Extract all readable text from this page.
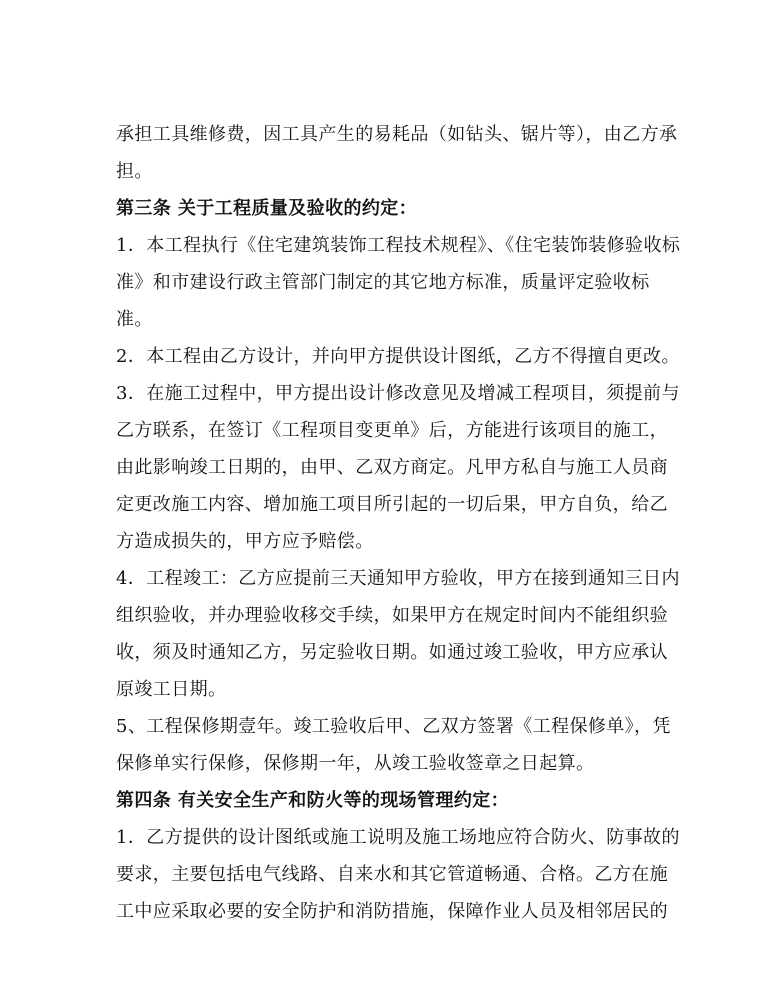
承担工具维修费，因工具产生的易耗品（如钻头、锯片等），由乙方承
担。
第三条 关于工程质量及验收的约定：
1．本工程执行《住宅建筑装饰工程技术规程》、《住宅装饰装修验收标
准》和市建设行政主管部门制定的其它地方标准，质量评定验收标
准。
2．本工程由乙方设计，并向甲方提供设计图纸，乙方不得擅自更改。
3．在施工过程中，甲方提出设计修改意见及增减工程项目，须提前与
乙方联系，在签订《工程项目变更单》后，方能进行该项目的施工，
由此影响竣工日期的，由甲、乙双方商定。凡甲方私自与施工人员商
定更改施工内容、增加施工项目所引起的一切后果，甲方自负，给乙
方造成损失的，甲方应予赔偿。
4．工程竣工：乙方应提前三天通知甲方验收，甲方在接到通知三日内
组织验收，并办理验收移交手续，如果甲方在规定时间内不能组织验
收，须及时通知乙方，另定验收日期。如通过竣工验收，甲方应承认
原竣工日期。
5、工程保修期壹年。竣工验收后甲、乙双方签署《工程保修单》，凭
保修单实行保修，保修期一年，从竣工验收签章之日起算。
第四条 有关安全生产和防火等的现场管理约定：
1．乙方提供的设计图纸或施工说明及施工场地应符合防火、防事故的
要求，主要包括电气线路、自来水和其它管道畅通、合格。乙方在施
工中应采取必要的安全防护和消防措施，保障作业人员及相邻居民的
